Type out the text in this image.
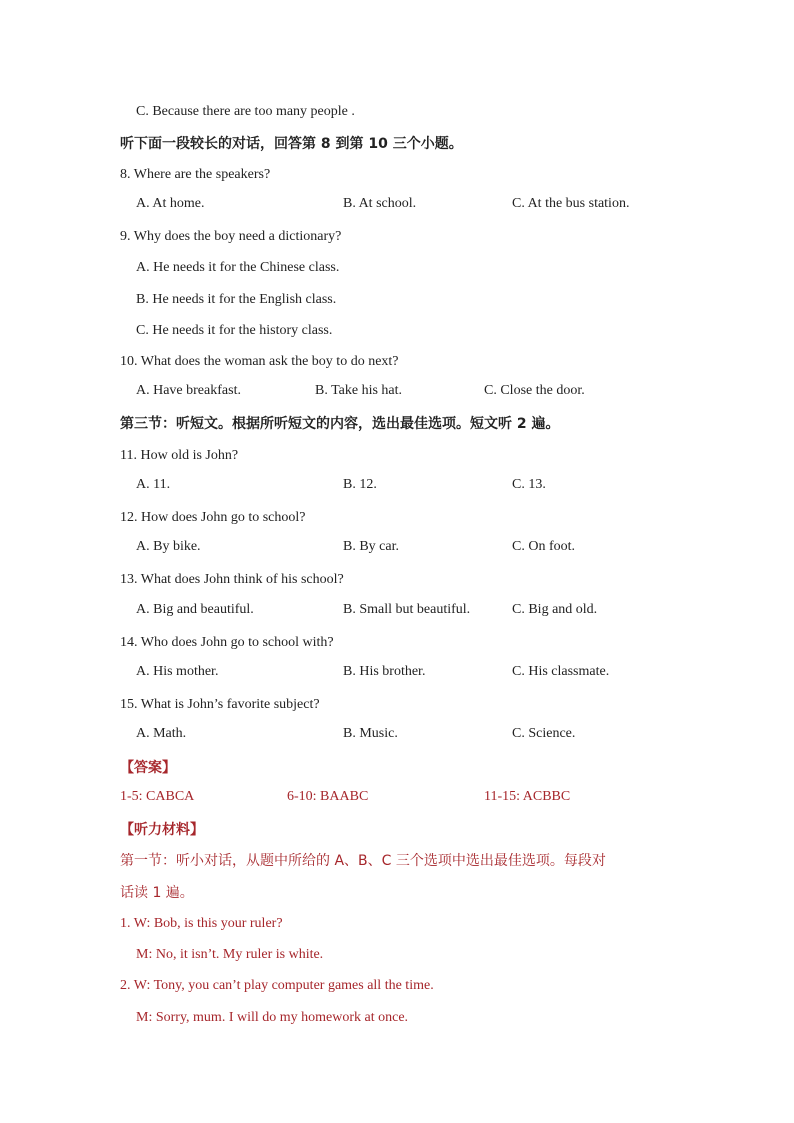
C. Because there are too many people .
听下面一段较长的对话，回答第 8 到第 10 三个小题。
8. Where are the speakers?
A. At home.	B. At school.	C. At the bus station.
9. Why does the boy need a dictionary?
A. He needs it for the Chinese class.
B. He needs it for the English class.
C. He needs it for the history class.
10. What does the woman ask the boy to do next?
A. Have breakfast.	B. Take his hat.	C. Close the door.
第三节：听短文。根据所听短文的内容，选出最佳选项。短文听 2 遍。
11. How old is John?
A. 11.	B. 12.	C. 13.
12. How does John go to school?
A. By bike.	B. By car.	C. On foot.
13. What does John think of his school?
A. Big and beautiful.	B. Small but beautiful.	C. Big and old.
14. Who does John go to school with?
A. His mother.	B. His brother.	C. His classmate.
15. What is John’s favorite subject?
A. Math.	B. Music.	C. Science.
【答案】
1-5: CABCA	6-10: BAABC	11-15: ACBBC
【听力材料】
第一节：听小对话，从题中所给的 A、B、C 三个选项中选出最佳选项。每段对
话读 1 遍。
1. W: Bob, is this your ruler?
M: No, it isn’t. My ruler is white.
2. W: Tony, you can’t play computer games all the time.
M: Sorry, mum. I will do my homework at once.
